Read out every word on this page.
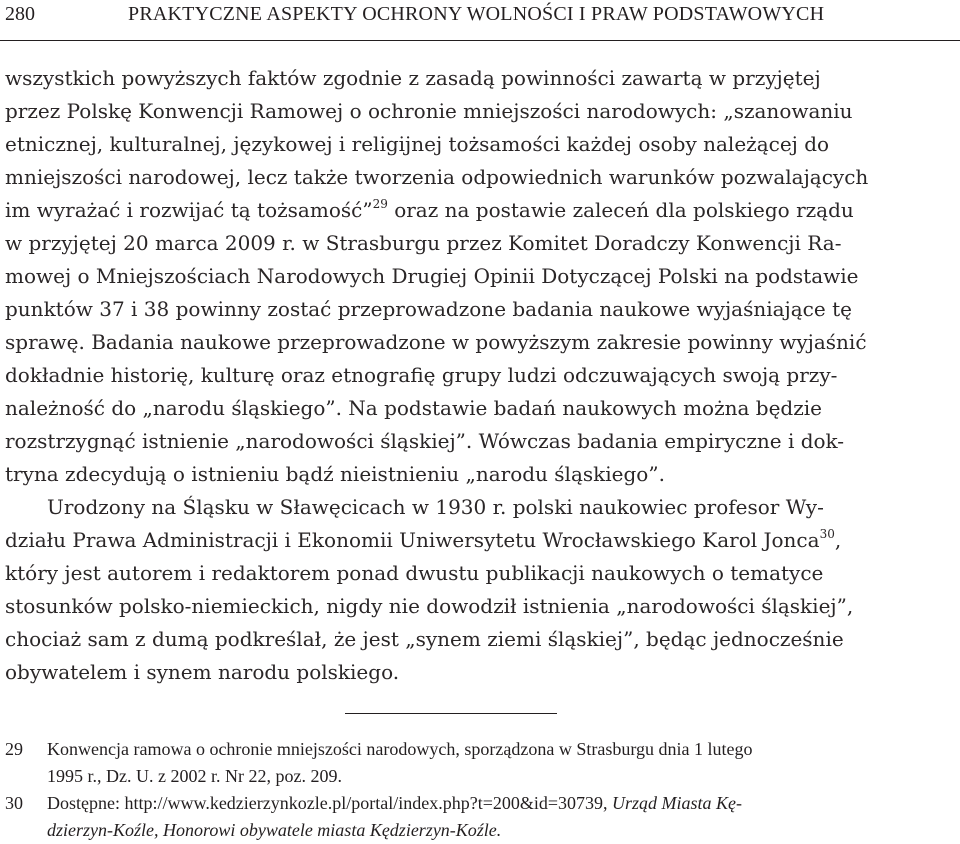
280	PRAKTYCZNE ASPEKTY OCHRONY WOLNOŚCI I PRAW PODSTAWOWYCH
wszystkich powyższych faktów zgodnie z zasadą powinności zawartą w przyjętej
przez Polskę Konwencji Ramowej o ochronie mniejszości narodowych: „szanowaniu
etnicznej, kulturalnej, językowej i religijnej tożsamości każdej osoby należącej do
mniejszości narodowej, lecz także tworzenia odpowiednich warunków pozwalających
im wyrażać i rozwijać tą tożsamość”$^{29}$ oraz na postawie zaleceń dla polskiego rządu
w przyjętej 20 marca 2009 r. w Strasburgu przez Komitet Doradczy Konwencji Ra-
mowej o Mniejszościach Narodowych Drugiej Opinii Dotyczącej Polski na podstawie
punktów 37 i 38 powinny zostać przeprowadzone badania naukowe wyjaśniające tę
sprawę. Badania naukowe przeprowadzone w powyższym zakresie powinny wyjaśnić
dokładnie historię, kulturę oraz etnografię grupy ludzi odczuwających swoją przy-
należność do „narodu śląskiego”. Na podstawie badań naukowych można będzie
rozstrzygnąć istnienie „narodowości śląskiej”. Wówczas badania empiryczne i dok-
tryna zdecydują o istnieniu bądź nieistnieniu „narodu śląskiego”.
Urodzony na Śląsku w Sławęcicach w 1930 r. polski naukowiec profesor Wy-
działu Prawa Administracji i Ekonomii Uniwersytetu Wrocławskiego Karol Jonca$^{30}$,
który jest autorem i redaktorem ponad dwustu publikacji naukowych o tematyce
stosunków polsko-niemieckich, nigdy nie dowodził istnienia „narodowości śląskiej”,
chociaż sam z dumą podkreślał, że jest „synem ziemi śląskiej”, będąc jednocześnie
obywatelem i synem narodu polskiego.
29 Konwencja ramowa o ochronie mniejszości narodowych, sporządzona w Strasburgu dnia 1 lutego
1995 r., Dz. U. z 2002 r. Nr 22, poz. 209.
30 Dostępne: http://www.kedzierzynkozle.pl/portal/index.php?t=200&id=30739, Urząd Miasta Kę-
dzierzyn-Koźle, Honorowi obywatele miasta Kędzierzyn-Koźle.
